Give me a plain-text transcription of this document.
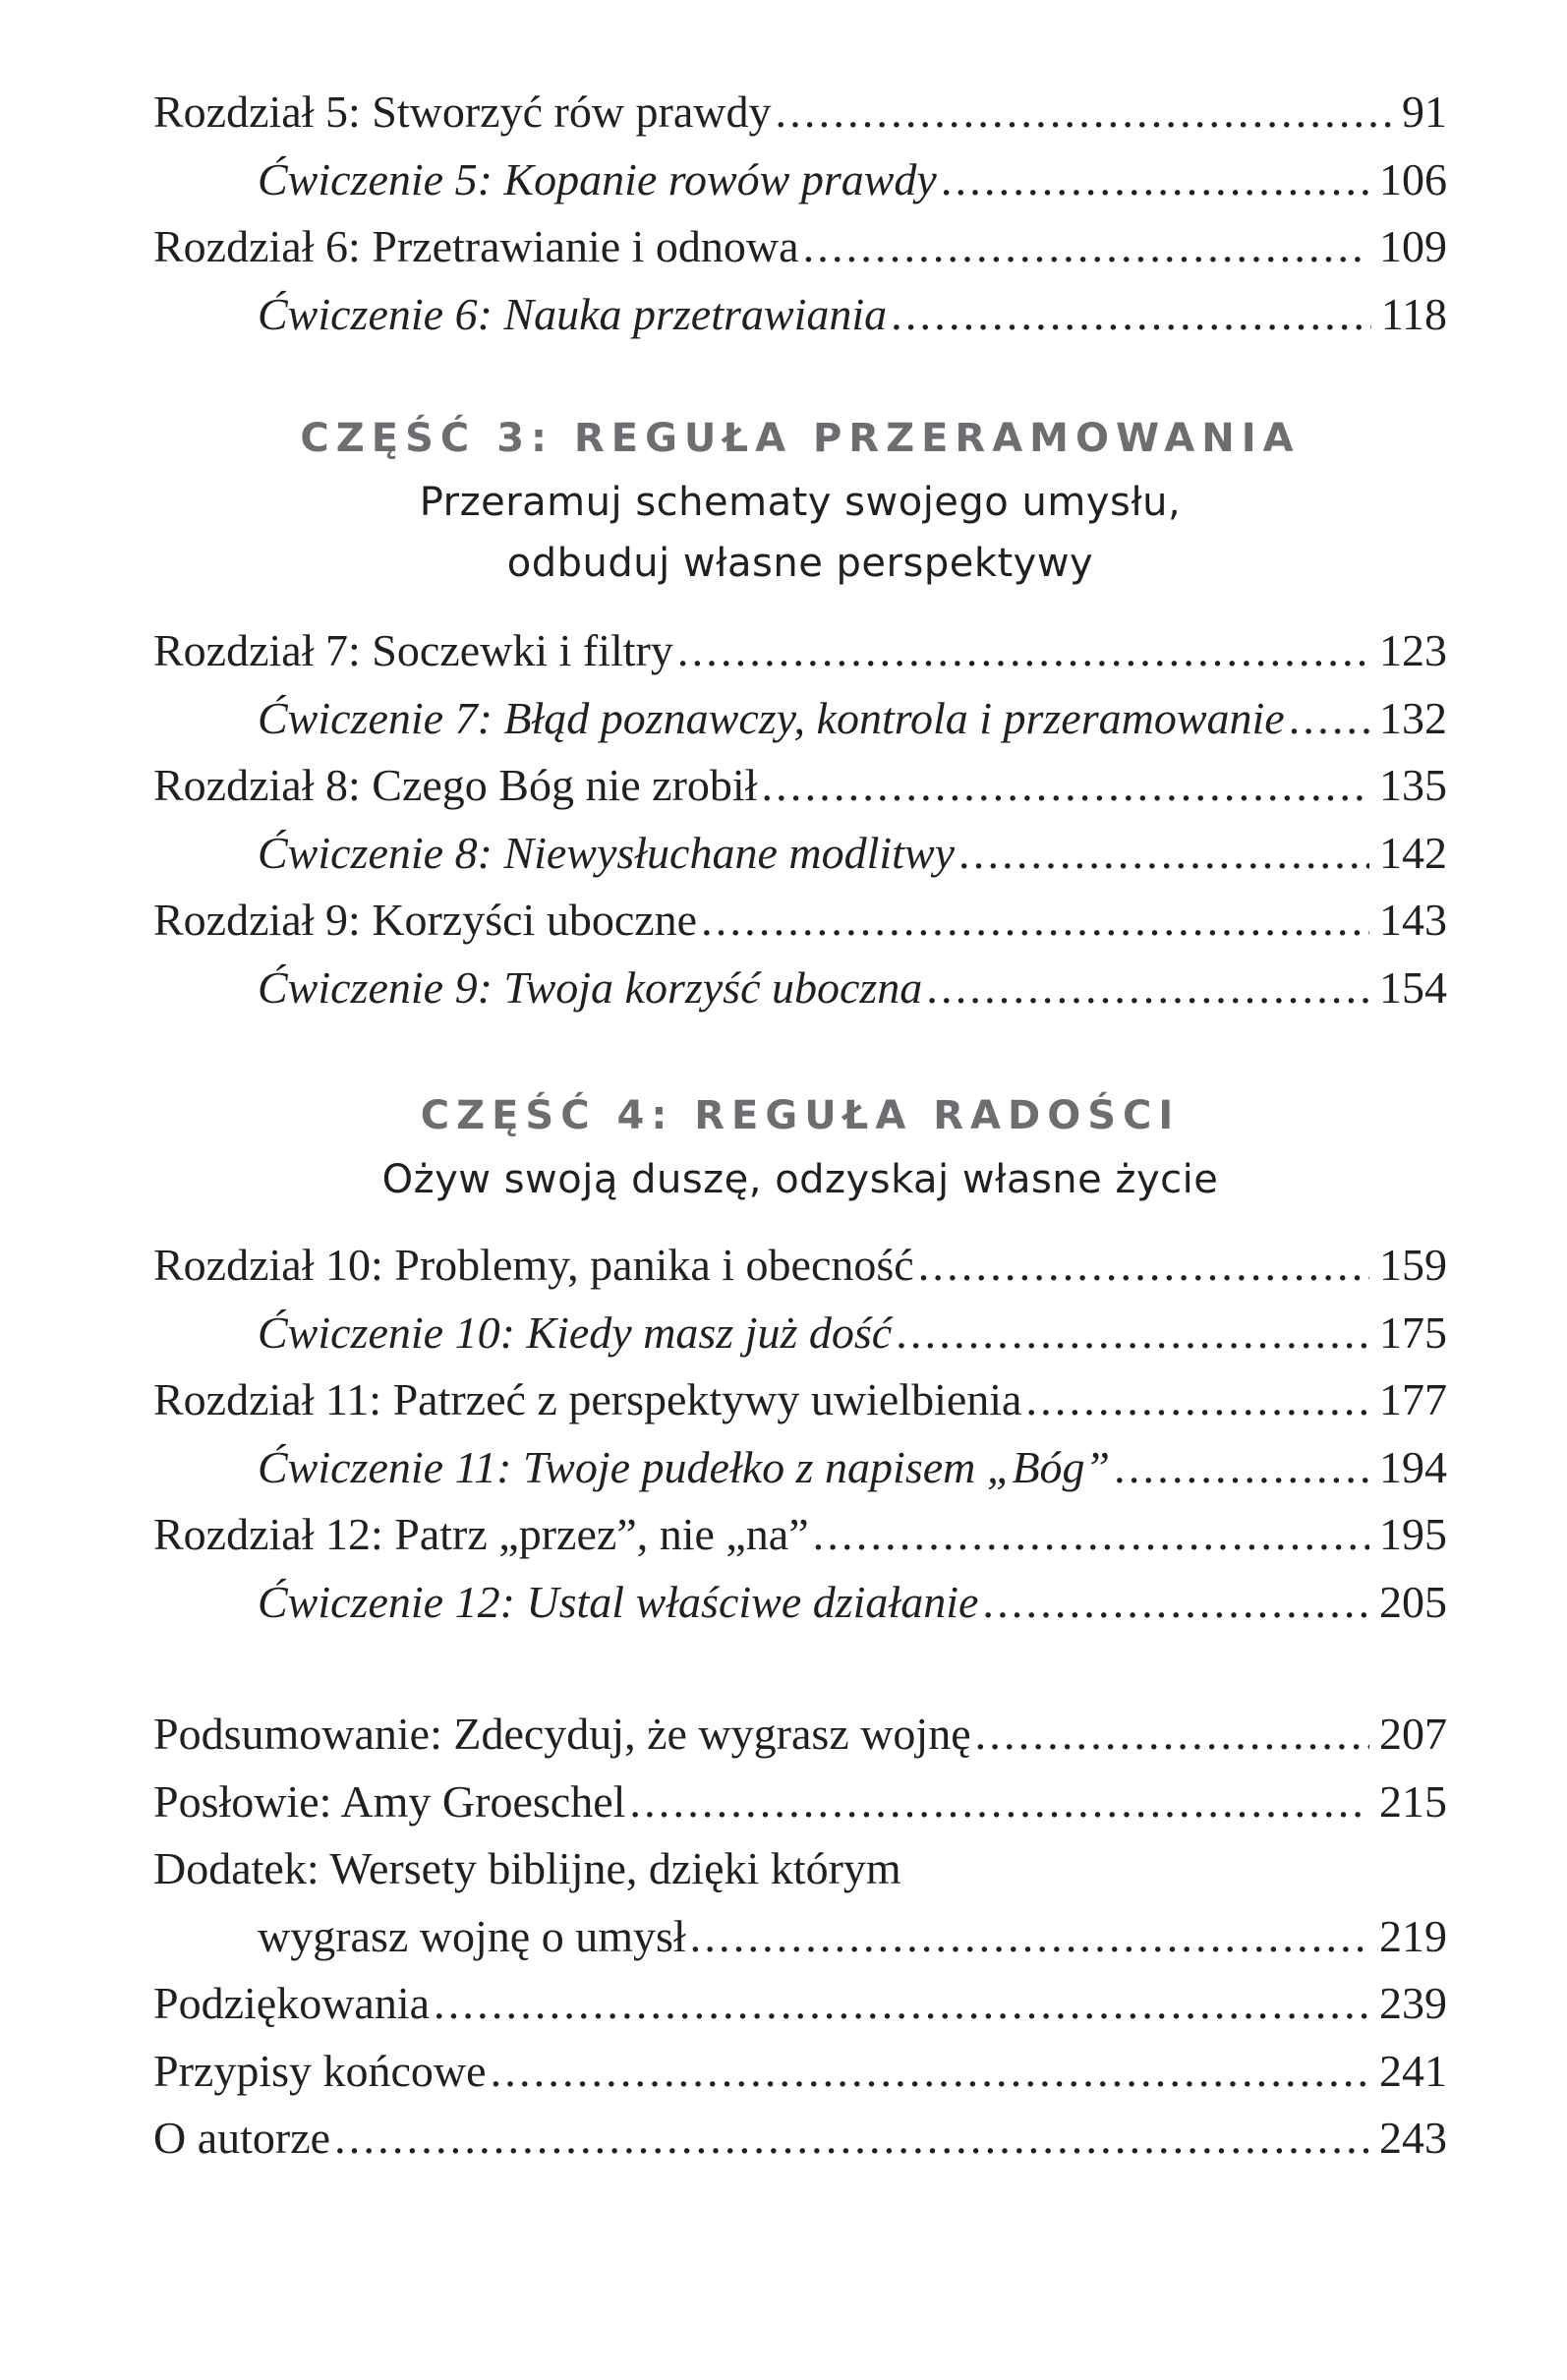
Rozdział 5: Stworzyć rów prawdy .....	91
Ćwiczenie 5: Kopanie rowów prawdy .....	106
Rozdział 6: Przetrawianie i odnowa .....	109
Ćwiczenie 6: Nauka przetrawiania .....	118
CZĘŚĆ 3: REGUŁA PRZERAMOWANIA
Przeramuj schematy swojego umysłu,
odbuduj własne perspektywy
Rozdział 7: Soczewki i filtry .....	123
Ćwiczenie 7: Błąd poznawczy, kontrola i przeramowanie ..... 132
Rozdział 8: Czego Bóg nie zrobił .....	135
Ćwiczenie 8: Niewysłuchane modlitwy .....	142
Rozdział 9: Korzyści uboczne .....	143
Ćwiczenie 9: Twoja korzyść uboczna .....	154
CZĘŚĆ 4: REGUŁA RADOŚCI
Ożyw swoją duszę, odzyskaj własne życie
Rozdział 10: Problemy, panika i obecność .....	159
Ćwiczenie 10: Kiedy masz już dość .....	175
Rozdział 11: Patrzeć z perspektywy uwielbienia .....	177
Ćwiczenie 11: Twoje pudełko z napisem „Bóg” .....	194
Rozdział 12: Patrz „przez”, nie „na” .....	195
Ćwiczenie 12: Ustal właściwe działanie .....	205
Podsumowanie: Zdecyduj, że wygrasz wojnę .....	207
Posłowie: Amy Groeschel .....	215
Dodatek: Wersety biblijne, dzięki którym
wygrasz wojnę o umysł .....	219
Podziękowania .....	239
Przypisy końcowe .....	241
O autorze .....	243
